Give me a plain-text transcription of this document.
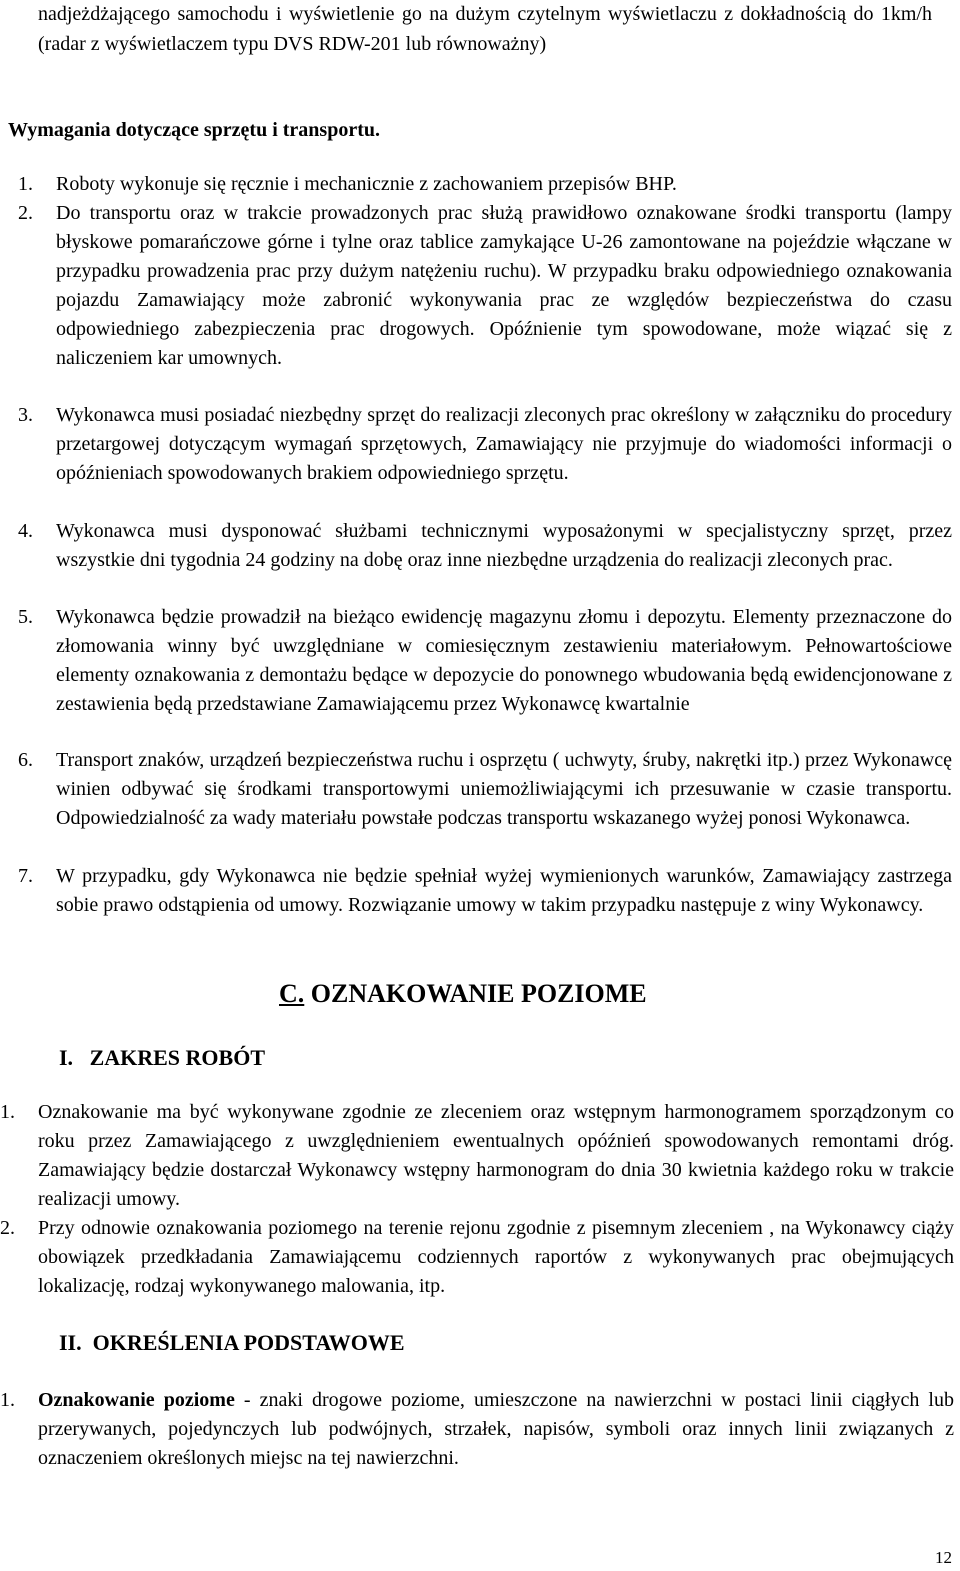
nadjeżdżającego samochodu i wyświetlenie go na dużym czytelnym wyświetlaczu z dokładnością do 1km/h (radar z wyświetlaczem typu DVS RDW-201 lub równoważny)
Wymagania dotyczące sprzętu i transportu.
1. Roboty wykonuje się ręcznie i mechanicznie z zachowaniem przepisów BHP.
2. Do transportu oraz w trakcie prowadzonych prac służą prawidłowo oznakowane środki transportu (lampy błyskowe pomarańczowe górne i tylne oraz tablice zamykające U-26 zamontowane na pojeździe włączane w przypadku prowadzenia prac przy dużym natężeniu ruchu). W przypadku braku odpowiedniego oznakowania pojazdu Zamawiający może zabronić wykonywania prac ze względów bezpieczeństwa do czasu odpowiedniego zabezpieczenia prac drogowych. Opóźnienie tym spowodowane, może wiązać się z naliczeniem kar umownych.
3. Wykonawca musi posiadać niezbędny sprzęt do realizacji zleconych prac określony w załączniku do procedury przetargowej dotyczącym wymagań sprzętowych, Zamawiający nie przyjmuje do wiadomości informacji o opóźnieniach spowodowanych brakiem odpowiedniego sprzętu.
4. Wykonawca musi dysponować służbami technicznymi wyposażonymi w specjalistyczny sprzęt, przez wszystkie dni tygodnia 24 godziny na dobę oraz inne niezbędne urządzenia do realizacji zleconych prac.
5. Wykonawca będzie prowadził na bieżąco ewidencję magazynu złomu i depozytu. Elementy przeznaczone do złomowania winny być uwzględniane w comiesięcznym zestawieniu materiałowym. Pełnowartościowe elementy oznakowania z demontażu będące w depozycie do ponownego wbudowania będą ewidencjonowane z zestawienia będą przedstawiane Zamawiającemu przez Wykonawcę kwartalnie
6. Transport znaków, urządzeń bezpieczeństwa ruchu i osprzętu ( uchwyty, śruby, nakrętki itp.) przez Wykonawcę winien odbywać się środkami transportowymi uniemożliwiającymi ich przesuwanie w czasie transportu. Odpowiedzialność za wady materiału powstałe podczas transportu wskazanego wyżej ponosi Wykonawca.
7. W przypadku, gdy Wykonawca nie będzie spełniał wyżej wymienionych warunków, Zamawiający zastrzega sobie prawo odstąpienia od umowy. Rozwiązanie umowy w takim przypadku następuje z winy Wykonawcy.
C. OZNAKOWANIE POZIOME
I. ZAKRES ROBÓT
1. Oznakowanie ma być wykonywane zgodnie ze zleceniem oraz wstępnym harmonogramem sporządzonym co roku przez Zamawiającego z uwzględnieniem ewentualnych opóźnień spowodowanych remontami dróg. Zamawiający będzie dostarczał Wykonawcy wstępny harmonogram do dnia 30 kwietnia każdego roku w trakcie realizacji umowy.
2. Przy odnowie oznakowania poziomego na terenie rejonu zgodnie z pisemnym zleceniem , na Wykonawcy ciąży obowiązek przedkładania Zamawiającemu codziennych raportów z wykonywanych prac obejmujących lokalizację, rodzaj wykonywanego malowania, itp.
II. OKREŚLENIA PODSTAWOWE
1. Oznakowanie poziome - znaki drogowe poziome, umieszczone na nawierzchni w postaci linii ciągłych lub przerywanych, pojedynczych lub podwójnych, strzałek, napisów, symboli oraz innych linii związanych z oznaczeniem określonych miejsc na tej nawierzchni.
12
